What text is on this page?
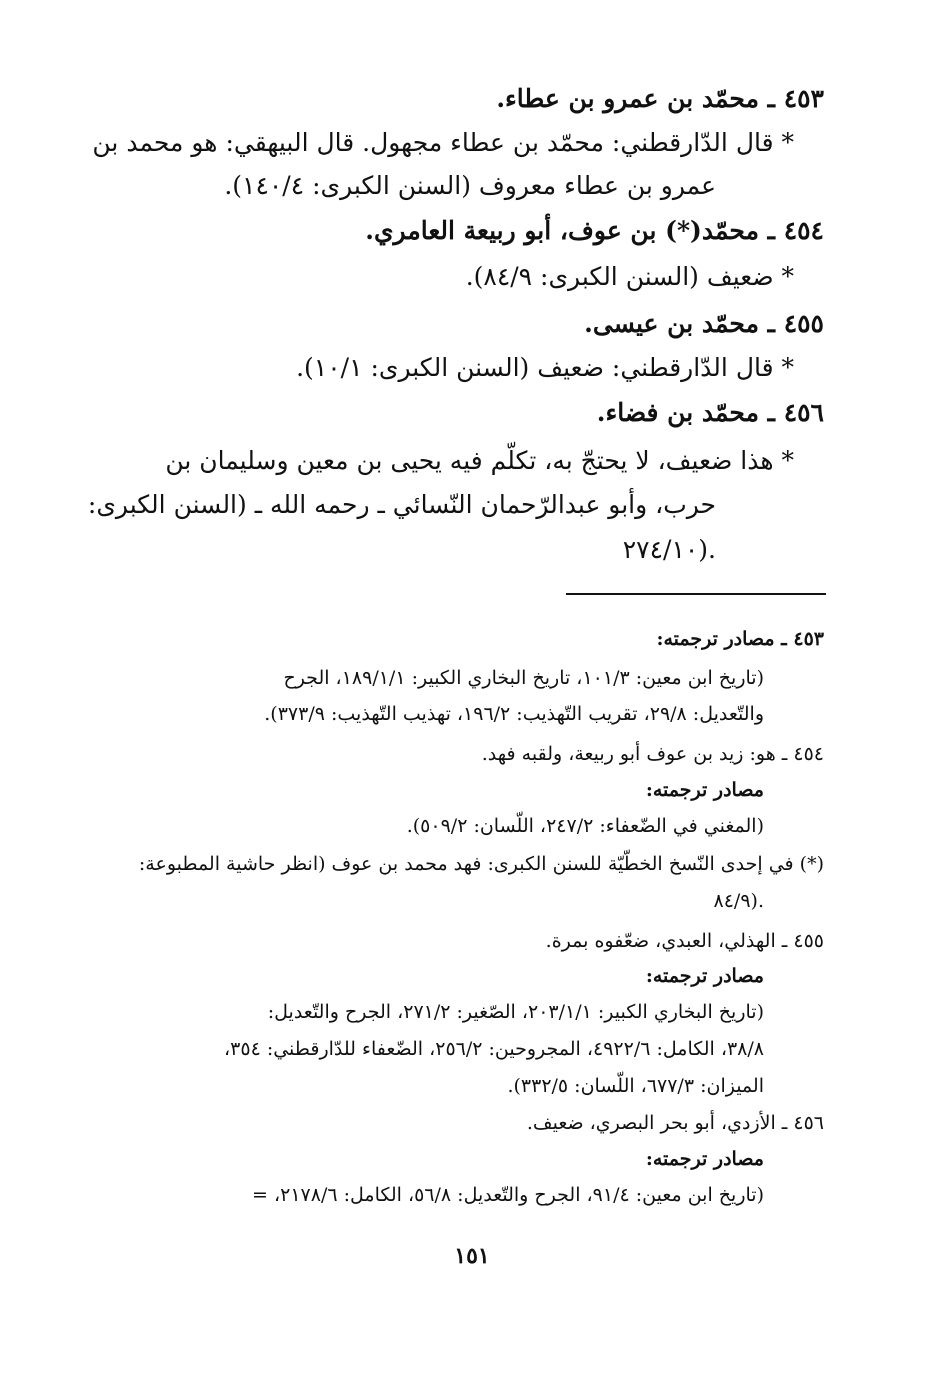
٤٥٣ ـ محمّد بن عمرو بن عطاء.
* قال الدّارقطني: محمّد بن عطاء مجهول. قال البيهقي: هو محمد بن
عمرو بن عطاء معروف (السنن الكبرى: ١٤٠/٤).
٤٥٤ ـ محمّد(*) بن عوف، أبو ربيعة العامري.
* ضعيف (السنن الكبرى: ٨٤/٩).
٤٥٥ ـ محمّد بن عيسى.
* قال الدّارقطني: ضعيف (السنن الكبرى: ١٠/١).
٤٥٦ ـ محمّد بن فضاء.
* هذا ضعيف، لا يحتجّ به، تكلّم فيه يحيى بن معين وسليمان بن
حرب، وأبو عبدالرّحمان النّسائي ـ رحمه الله ـ (السنن الكبرى:
٢٧٤/١٠).
٤٥٣ ـ مصادر ترجمته:
(تاريخ ابن معين: ١٠١/٣، تاريخ البخاري الكبير: ١٨٩/١/١، الجرح
والتّعديل: ٢٩/٨، تقريب التّهذيب: ١٩٦/٢، تهذيب التّهذيب: ٣٧٣/٩).
٤٥٤ ـ هو: زيد بن عوف أبو ربيعة، ولقبه فهد.
مصادر ترجمته:
(المغني في الضّعفاء: ٢٤٧/٢، اللّسان: ٥٠٩/٢).
(*) في إحدى النّسخ الخطّيّة للسنن الكبرى: فهد محمد بن عوف (انظر حاشية المطبوعة:
٨٤/٩).
٤٥٥ ـ الهذلي، العبدي، ضعّفوه بمرة.
مصادر ترجمته:
(تاريخ البخاري الكبير: ٢٠٣/١/١، الصّغير: ٢٧١/٢، الجرح والتّعديل:
٣٨/٨، الكامل: ٤٩٢٢/٦، المجروحين: ٢٥٦/٢، الضّعفاء للدّارقطني: ٣٥٤،
الميزان: ٦٧٧/٣، اللّسان: ٣٣٢/٥).
٤٥٦ ـ الأزدي، أبو بحر البصري، ضعيف.
مصادر ترجمته:
(تاريخ ابن معين: ٩١/٤، الجرح والتّعديل: ٥٦/٨، الكامل: ٢١٧٨/٦، =
١٥١
